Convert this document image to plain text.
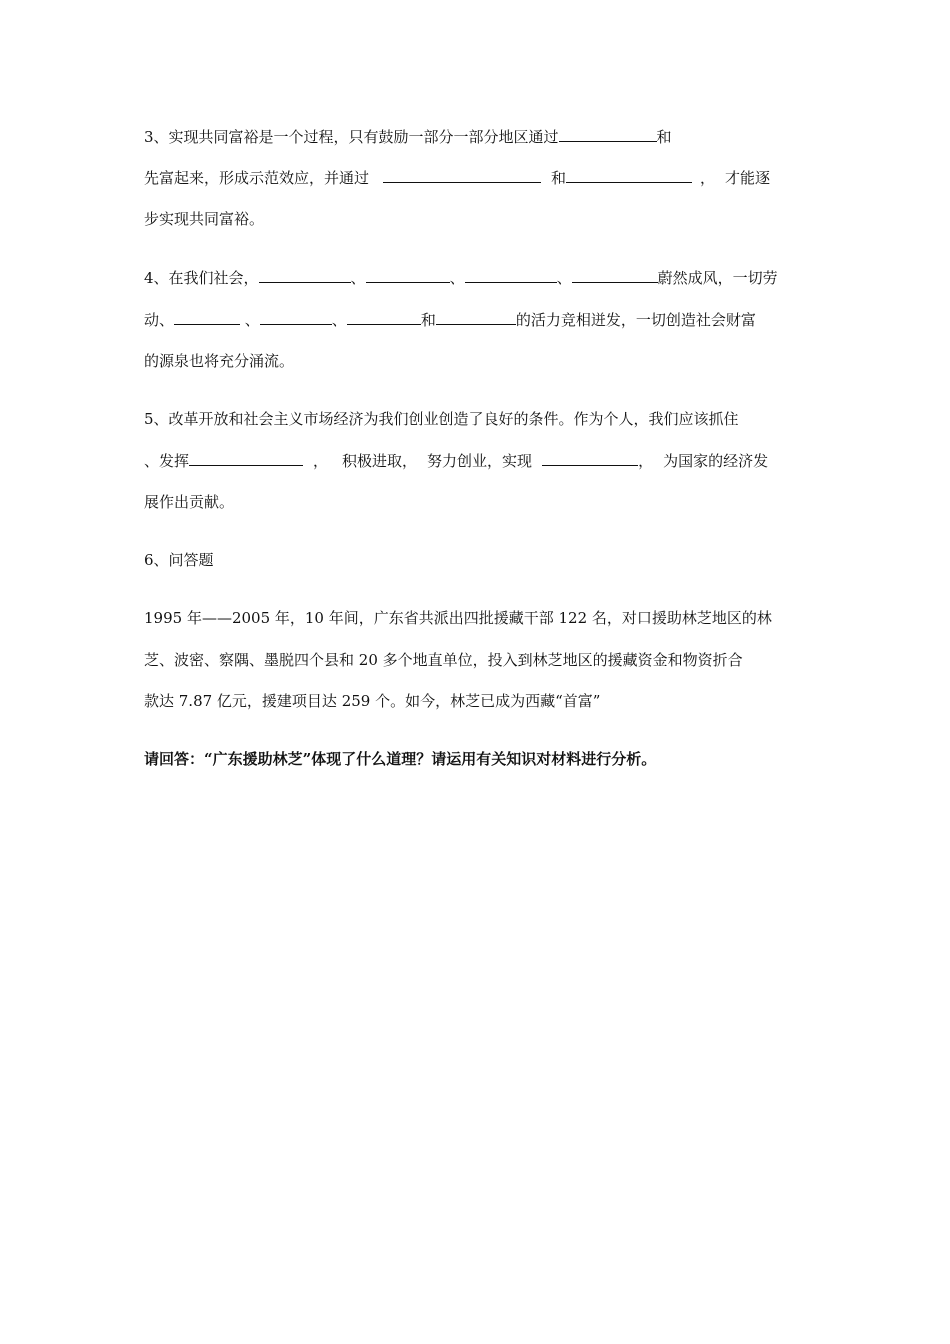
3、实现共同富裕是一个过程，只有鼓励一部分一部分地区通过	和
先富起来，形成示范效应，并通过	和	， 才能逐
步实现共同富裕。
4、在我们社会，	、	、	、	蔚然成风，一切劳
动、	、	、	和	的活力竞相迸发，一切创造社会财富
的源泉也将充分涌流。
5、改革开放和社会主义市场经济为我们创业创造了良好的条件。作为个人，我们应该抓住
、发挥	， 积极进取， 努力创业，实现	， 为国家的经济发
展作出贡献。
6、问答题
1995 年——2005 年，10 年间，广东省共派出四批援藏干部 122 名，对口援助林芝地区的林
芝、波密、察隅、墨脱四个县和 20 多个地直单位，投入到林芝地区的援藏资金和物资折合
款达 7.87 亿元，援建项目达 259 个。如今，林芝已成为西藏“首富”
请回答：“广东援助林芝”体现了什么道理？请运用有关知识对材料进行分析。
